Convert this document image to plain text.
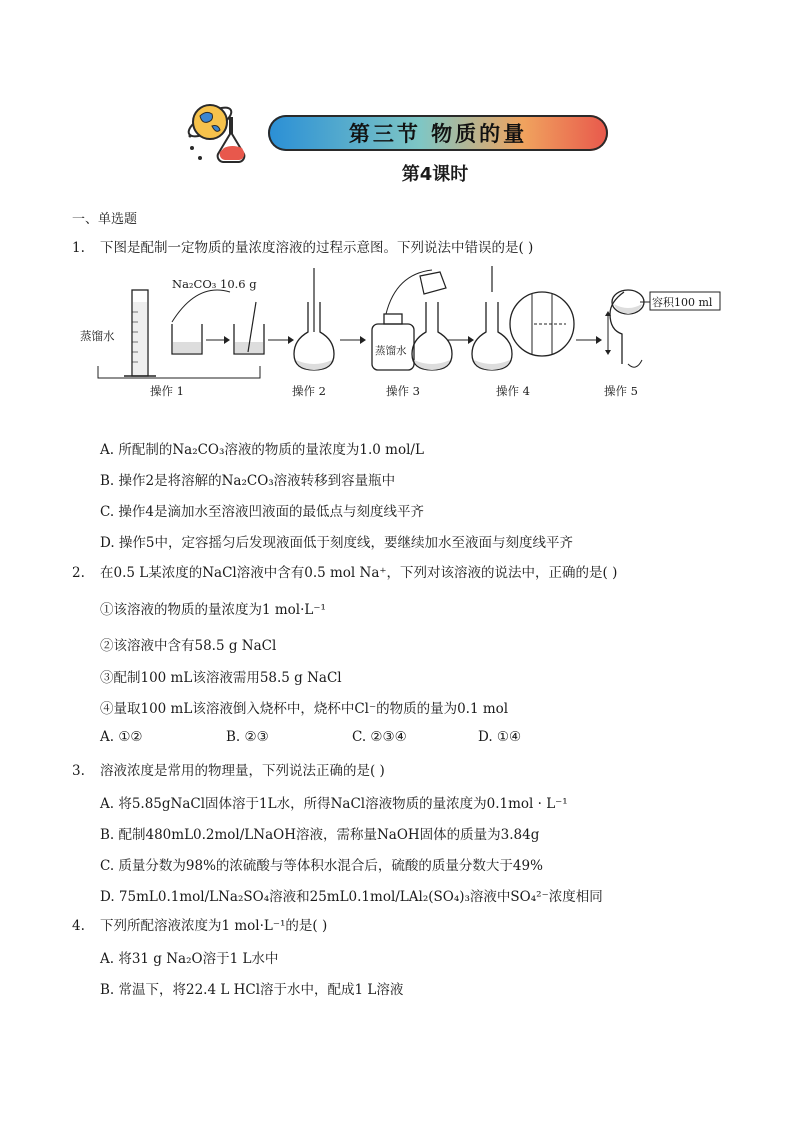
第三节 物质的量
第4课时
一、单选题
1. 下图是配制一定物质的量浓度溶液的过程示意图。下列说法中错误的是( )
Na₂CO₃ 10.6 g
蒸馏水
蒸馏水
容积100 ml
操作 1	操作 2	操作 3	操作 4	操作 5
A. 所配制的Na₂CO₃溶液的物质的量浓度为1.0 mol/L
B. 操作2是将溶解的Na₂CO₃溶液转移到容量瓶中
C. 操作4是滴加水至溶液凹液面的最低点与刻度线平齐
D. 操作5中，定容摇匀后发现液面低于刻度线，要继续加水至液面与刻度线平齐
2. 在0.5 L某浓度的NaCl溶液中含有0.5 mol Na⁺，下列对该溶液的说法中，正确的是( )
①该溶液的物质的量浓度为1 mol·L⁻¹
②该溶液中含有58.5 g NaCl
③配制100 mL该溶液需用58.5 g NaCl
④量取100 mL该溶液倒入烧杯中，烧杯中Cl⁻的物质的量为0.1 mol
A. ①②	B. ②③	C. ②③④	D. ①④
3. 溶液浓度是常用的物理量，下列说法正确的是( )
A. 将5.85gNaCl固体溶于1L水，所得NaCl溶液物质的量浓度为0.1mol · L⁻¹
B. 配制480mL0.2mol/LNaOH溶液，需称量NaOH固体的质量为3.84g
C. 质量分数为98%的浓硫酸与等体积水混合后，硫酸的质量分数大于49%
D. 75mL0.1mol/LNa₂SO₄溶液和25mL0.1mol/LAl₂(SO₄)₃溶液中SO₄²⁻浓度相同
4. 下列所配溶液浓度为1 mol·L⁻¹的是( )
A. 将31 g Na₂O溶于1 L水中
B. 常温下，将22.4 L HCl溶于水中，配成1 L溶液
